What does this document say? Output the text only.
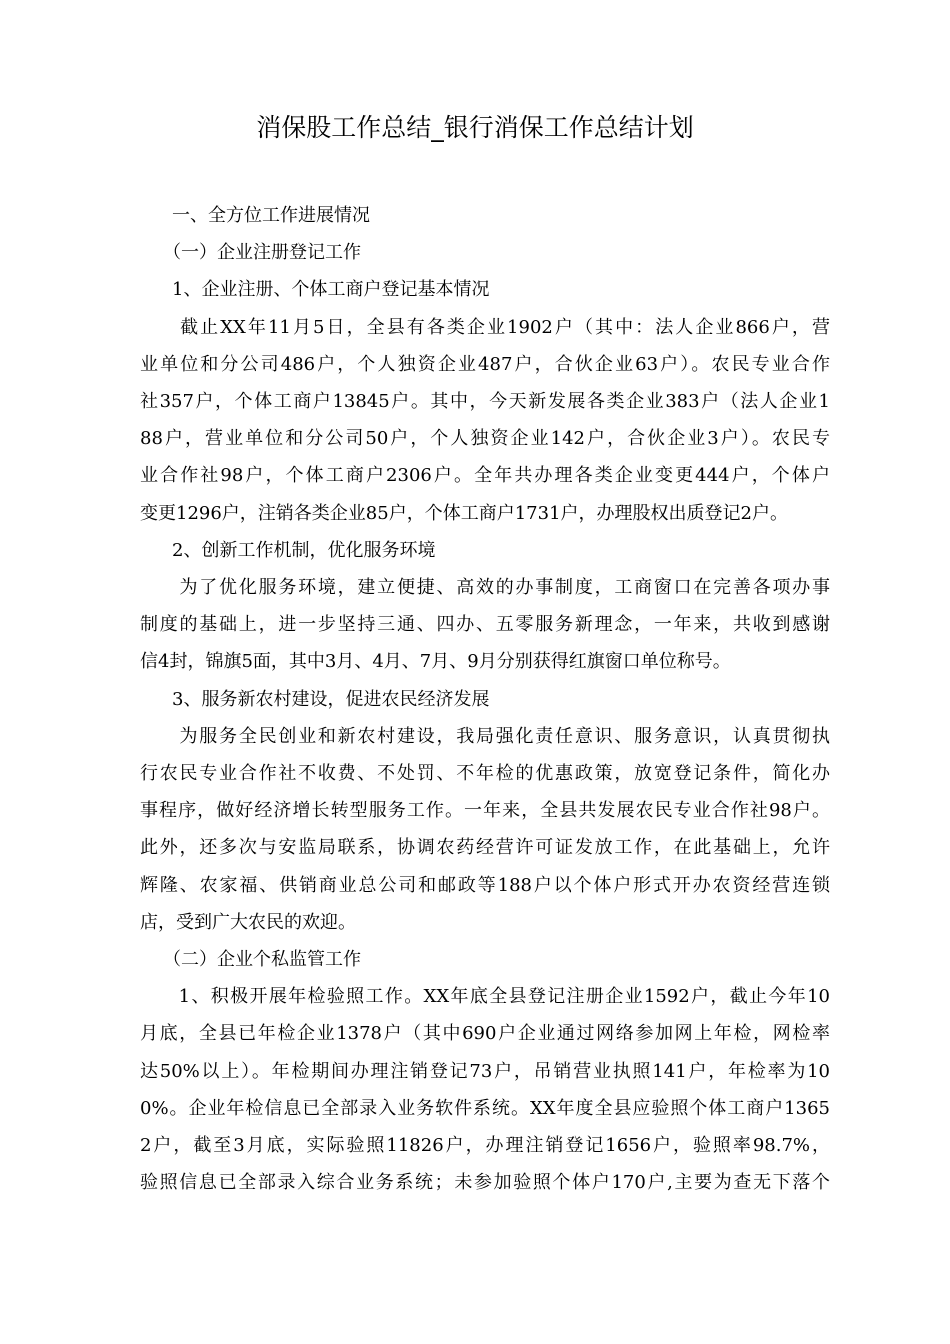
消保股工作总结_银行消保工作总结计划

一、全方位工作进展情况

（一）企业注册登记工作

1、企业注册、个体工商户登记基本情况

　　截止XX年11月5日，全县有各类企业1902户（其中：法人企业866户，营
业单位和分公司486户，个人独资企业487户，合伙企业63户）。农民专业合作
社357户，个体工商户13845户。其中，今天新发展各类企业383户（法人企业1
88户，营业单位和分公司50户，个人独资企业142户，合伙企业3户）。农民专
业合作社98户，个体工商户2306户。全年共办理各类企业变更444户，个体户
变更1296户，注销各类企业85户，个体工商户1731户，办理股权出质登记2户。

2、创新工作机制，优化服务环境

　　为了优化服务环境，建立便捷、高效的办事制度，工商窗口在完善各项办事
制度的基础上，进一步坚持三通、四办、五零服务新理念，一年来，共收到感谢
信4封，锦旗5面，其中3月、4月、7月、9月分别获得红旗窗口单位称号。

3、服务新农村建设，促进农民经济发展

　　为服务全民创业和新农村建设，我局强化责任意识、服务意识，认真贯彻执
行农民专业合作社不收费、不处罚、不年检的优惠政策，放宽登记条件，简化办
事程序，做好经济增长转型服务工作。一年来，全县共发展农民专业合作社98户。
此外，还多次与安监局联系，协调农药经营许可证发放工作，在此基础上，允许
辉隆、农家福、供销商业总公司和邮政等188户以个体户形式开办农资经营连锁
店，受到广大农民的欢迎。

（二）企业个私监管工作

　　1、积极开展年检验照工作。XX年底全县登记注册企业1592户，截止今年10
月底，全县已年检企业1378户（其中690户企业通过网络参加网上年检，网检率
达50%以上）。年检期间办理注销登记73户，吊销营业执照141户，年检率为10
0%。企业年检信息已全部录入业务软件系统。XX年度全县应验照个体工商户1365
2户，截至3月底，实际验照11826户，办理注销登记1656户，验照率98.7%，
验照信息已全部录入综合业务系统；未参加验照个体户170户,主要为查无下落个
